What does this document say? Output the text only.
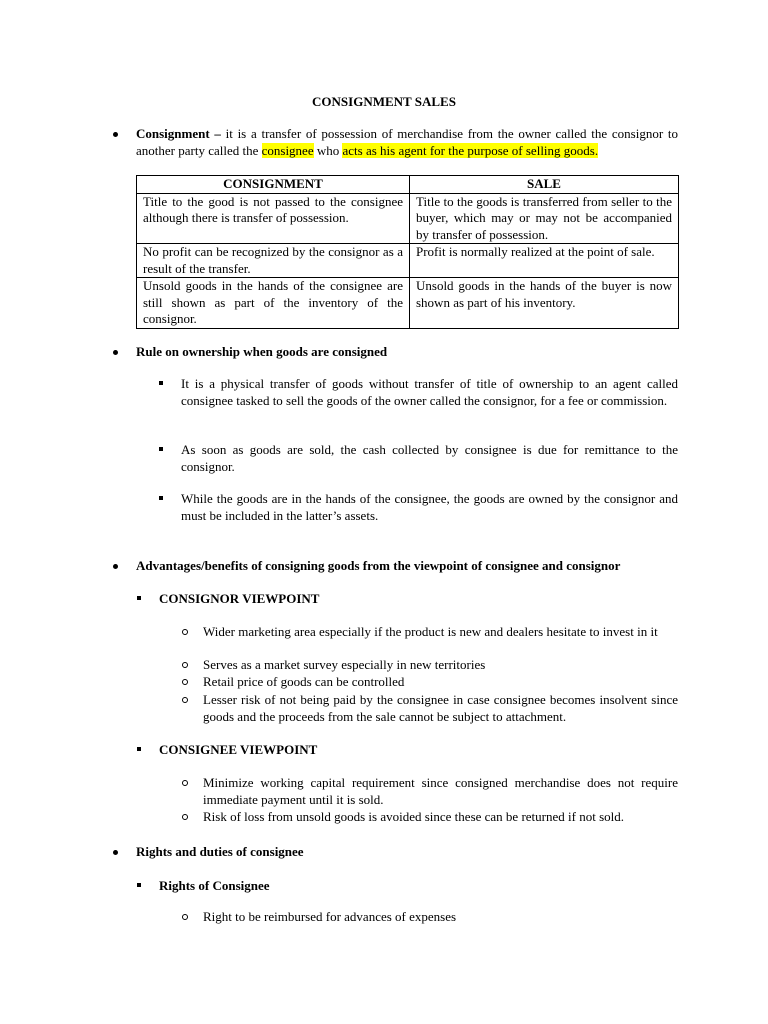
CONSIGNMENT SALES
Consignment – it is a transfer of possession of merchandise from the owner called the consignor to another party called the consignee who acts as his agent for the purpose of selling goods.
CONSIGNMENT	SALE
Title to the good is not passed to the consignee although there is transfer of possession.	Title to the goods is transferred from seller to the buyer, which may or may not be accompanied by transfer of possession.
No profit can be recognized by the consignor as a result of the transfer.	Profit is normally realized at the point of sale.
Unsold goods in the hands of the consignee are still shown as part of the inventory of the consignor.	Unsold goods in the hands of the buyer is now shown as part of his inventory.
Rule on ownership when goods are consigned
It is a physical transfer of goods without transfer of title of ownership to an agent called consignee tasked to sell the goods of the owner called the consignor, for a fee or commission.
As soon as goods are sold, the cash collected by consignee is due for remittance to the consignor.
While the goods are in the hands of the consignee, the goods are owned by the consignor and must be included in the latter’s assets.
Advantages/benefits of consigning goods from the viewpoint of consignee and consignor
CONSIGNOR VIEWPOINT
Wider marketing area especially if the product is new and dealers hesitate to invest in it
Serves as a market survey especially in new territories
Retail price of goods can be controlled
Lesser risk of not being paid by the consignee in case consignee becomes insolvent since goods and the proceeds from the sale cannot be subject to attachment.
CONSIGNEE VIEWPOINT
Minimize working capital requirement since consigned merchandise does not require immediate payment until it is sold.
Risk of loss from unsold goods is avoided since these can be returned if not sold.
Rights and duties of consignee
Rights of Consignee
Right to be reimbursed for advances of expenses
